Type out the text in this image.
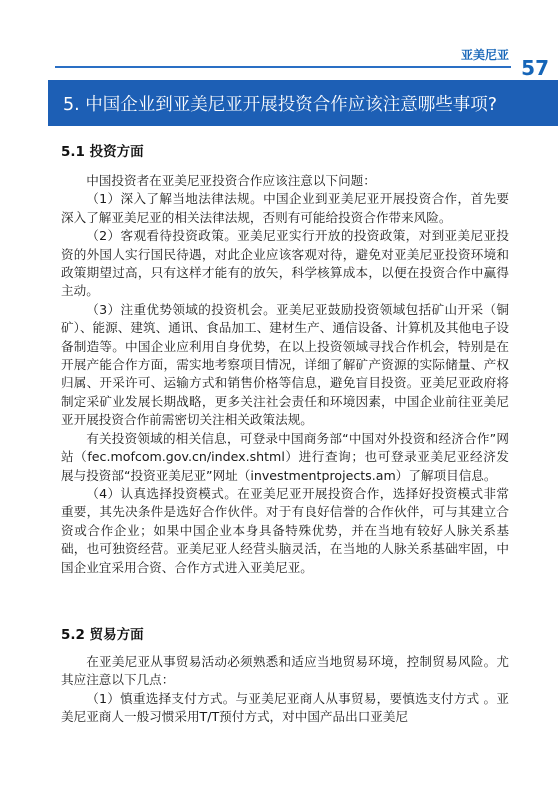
亚美尼亚
57
5. 中国企业到亚美尼亚开展投资合作应该注意哪些事项?
5.1 投资方面

中国投资者在亚美尼亚投资合作应该注意以下问题：

（1）深入了解当地法律法规。中国企业到亚美尼亚开展投资合作，首先要深入了解亚美尼亚的相关法律法规，否则有可能给投资合作带来风险。

（2）客观看待投资政策。亚美尼亚实行开放的投资政策，对到亚美尼亚投资的外国人实行国民待遇，对此企业应该客观对待，避免对亚美尼亚投资环境和政策期望过高，只有这样才能有的放矢，科学核算成本，以便在投资合作中赢得主动。

（3）注重优势领域的投资机会。亚美尼亚鼓励投资领域包括矿山开采（铜矿）、能源、建筑、通讯、食品加工、建材生产、通信设备、计算机及其他电子设备制造等。中国企业应利用自身优势，在以上投资领域寻找合作机会，特别是在开展产能合作方面，需实地考察项目情况，详细了解矿产资源的实际储量、产权归属、开采许可、运输方式和销售价格等信息，避免盲目投资。亚美尼亚政府将制定采矿业发展长期战略，更多关注社会责任和环境因素，中国企业前往亚美尼亚开展投资合作前需密切关注相关政策法规。

有关投资领域的相关信息，可登录中国商务部“中国对外投资和经济合作”网站（fec.mofcom.gov.cn/index.shtml）进行查询；也可登录亚美尼亚经济发展与投资部“投资亚美尼亚”网址（investmentprojects.am）了解项目信息。

（4）认真选择投资模式。在亚美尼亚开展投资合作，选择好投资模式非常重要，其先决条件是选好合作伙伴。对于有良好信誉的合作伙伴，可与其建立合资或合作企业；如果中国企业本身具备特殊优势，并在当地有较好人脉关系基础，也可独资经营。亚美尼亚人经营头脑灵活，在当地的人脉关系基础牢固，中国企业宜采用合资、合作方式进入亚美尼亚。

5.2 贸易方面

在亚美尼亚从事贸易活动必须熟悉和适应当地贸易环境，控制贸易风险。尤其应注意以下几点：

（1）慎重选择支付方式。与亚美尼亚商人从事贸易，要慎选支付方式 。亚美尼亚商人一般习惯采用T/T预付方式，对中国产品出口亚美尼
